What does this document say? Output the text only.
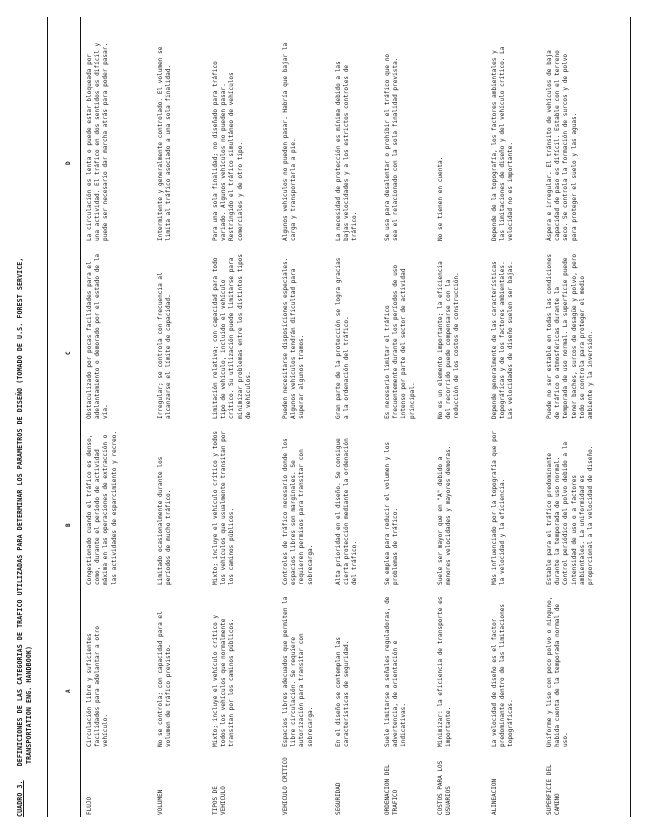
CUADRO 3. DEFINICIONES DE LAS CATEGORIAS DE TRAFICO UTILIZADAS PARA DETERMINAR LOS PARAMETROS DE DISEÑO (TOMADO DE U.S. FOREST SERVICE,
TRANSPORTATION ENG. HANDBOOK)	A
B
C
D
FLUJO
Circulación libre y suficientes facilidades para adelantar a otro vehículo.
Congestionado cuando el tráfico es denso, como, durante el período de actividad máxima en las operaciones de extracción o las actividades de esparcimiento y recreo.
Obstaculizado por pocas facilidades para el adelantamiento o demorado por el estado de la vía.
La circulación es lenta o puede estar bloqueada por una actividad. El tráfico en dos sentidos es difícil y puede ser necesario dar marcha atrás para poder pasar.
VOLUMEN
No se controla; con capacidad para el volumen de tráfico previsto.
Limitado ocasionalmente durante los períodos de mucho tráfico.
Irregular; se controla con frecuencia al alcanzarse el límite de capacidad.
Intermitente y generalmente controlado. El volumen se limita al tráfico asociado a una sola finalidad.
TIPOS DE VEHICULO
Mixto; incluye el vehículo crítico y todos los vehículos que normalmente transitan por los caminos públicos.
Mixto; incluye el vehículo crítico y todos los vehículos que usualmente transitan por los caminos públicos.
Limitación relativa; con capacidad para todo tipo de vehículo, incluido el vehículo crítico. Su utilización puede limitarse para minimizar problemas entre los distintos tipos de vehículos.
Para una sola finalidad; no diseñado para tráfico variado. Algunos vehículos no pueden pasar. Restringido el tráfico simultáneo de vehículos comerciales y de otro tipo.
VEHICULO CRITICO
Espacios libres adecuados que permiten la libre circulación. Se requiere autorización para transitar con sobrecarga.
Controles de tráfico necesario donde los espacios libres son marginales. Se requieren permisos para transitar con sobrecarga.
Pueden necesitarse disposiciones especiales. Algunos vehículos tendrán dificultad para superar algunos tramos.
Algunos vehículos no pueden pasar. Habría que bajar la carga y transportarla a pie.
SEGURIDAD
En el diseño se contemplan las características de seguridad.
Alta prioridad en el diseño. Se consigue cierta protección mediante la ordenación del tráfico.
Gran parte de la protección se logra gracias a la ordenación del tráfico.
La necesidad de protección es mínima debido a las bajas velocidades y a los estrictos controles de tráfico.
ORDENACION DEL TRAFICO
Suele limitarse a señales reguladoras, de advertencia, de orientación e indicativas.
Se emplea para reducir el volumen y los problemas de tráfico.
Es necesario limitar el tráfico frecuentemente durante los períodos de uso intenso por parte del sector de actividad principal.
Se usa para desalentar o prohibir el tráfico que no sea el relacionado con la sola finalidad prevista.
COSTOS PARA LOS USUARIOS
Minimizar: la eficiencia de transporte es importante.
Suele ser mayor que en "A" debido a menores velocidades y mayores demoras.
No es un elemento importante; la eficiencia del recorrido puede compensarse con la reducción de los costos de construcción.
No se tienen en cuenta.
ALINEACION
La velocidad de diseño es el factor predominante dentro de las limitaciones topográficas.
Más influenciado por la topografía que por la velocidad y la eficiencia.
Depende generalmente de las características topográficas y de los factores ambientales. Las velocidades de diseño suelen ser bajas.
Depende de la topografía, los factores ambientales y las limitaciones de diseño y del vehículo crítico. La velocidad no es importante.
SUPERFICIE DEL CAMINO
Uniforme y liso con poco polvo o ninguno, habida cuenta de la temporada normal de uso.
Estable para el tráfico predominante durante la temporada de uso normal. Control periódico del polvo debido a la intensidad de uso o a factores ambientales. La uniformidad es proporcional a la velocidad de diseño.
Puede no ser estable en todas las condiciones de tráfico o atmosféricas durante la temporada de uso normal. La superficie puede tener baches, surcos de desagüe y polvo, pero todo se controla para proteger el medio ambiente y la inversión.
Áspera e irregular. El tránsito de vehículos de baja capacidad de paso es difícil. Estable con el terreno seco. Se controla la formación de surcos y de polvo para proteger el suelo y las aguas.
